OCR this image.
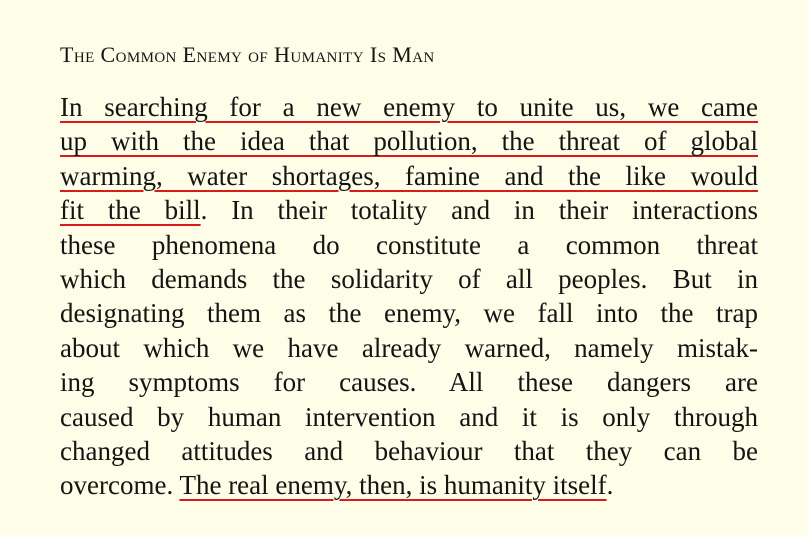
The Common Enemy of Humanity Is Man
In searching for a new enemy to unite us, we came
up with the idea that pollution, the threat of global
warming, water shortages, famine and the like would
fit the bill. In their totality and in their interactions
these phenomena do constitute a common threat
which demands the solidarity of all peoples. But in
designating them as the enemy, we fall into the trap
about which we have already warned, namely mistak-
ing symptoms for causes. All these dangers are
caused by human intervention and it is only through
changed attitudes and behaviour that they can be
overcome. The real enemy, then, is humanity itself.
